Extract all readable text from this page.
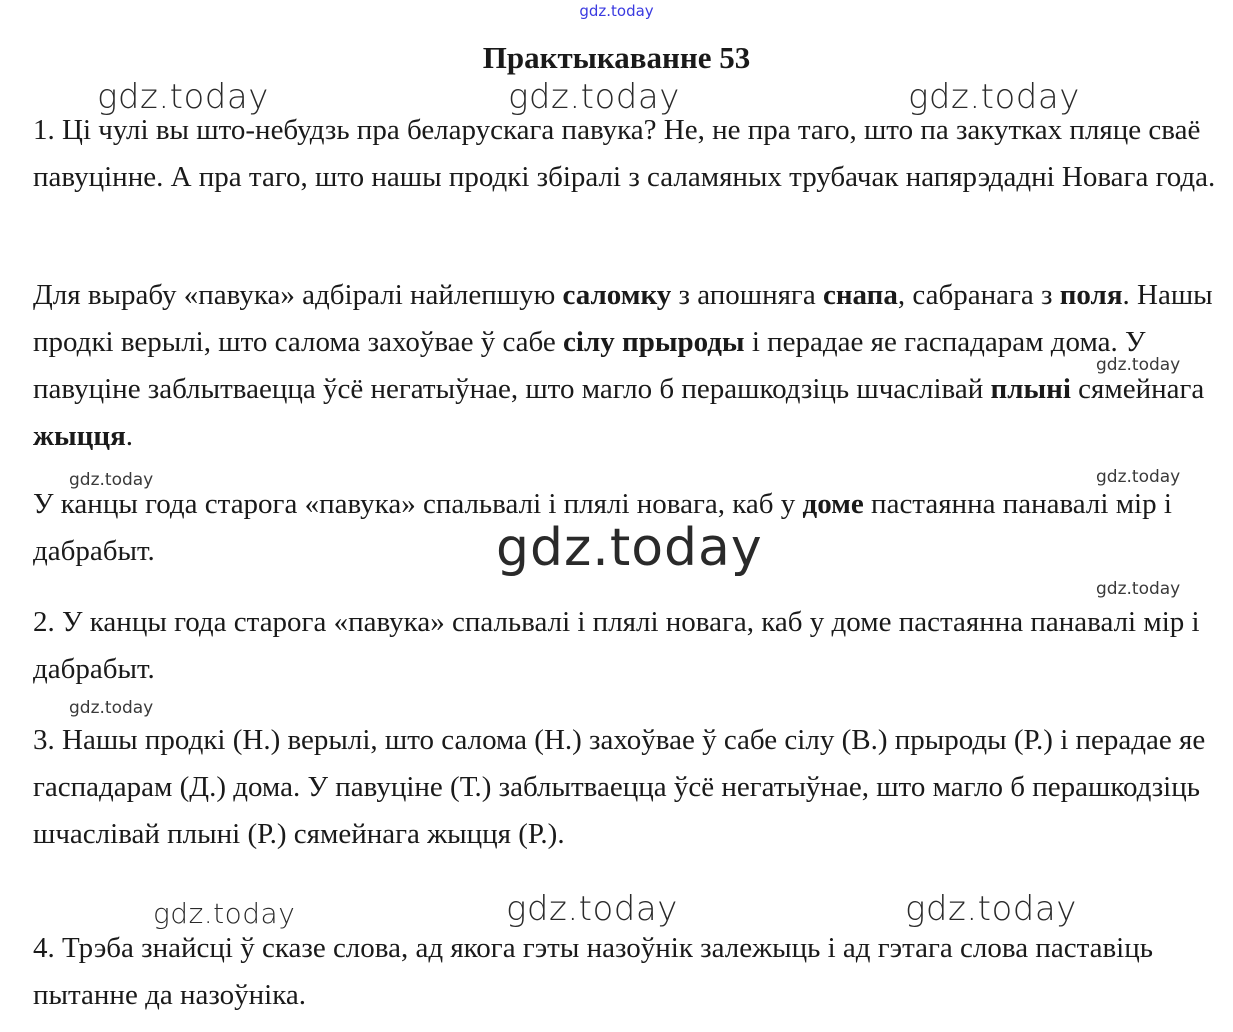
gdz.today
Практыкаванне 53

1. Ці чулі вы што-небудзь пра беларускага павука? Не, не пра таго, што па закутках пляце сваё павуцінне. А пра таго, што нашы продкі збіралі з саламяных трубачак напярэдадні Новага года.

Для вырабу «павука» адбіралі найлепшую саломку з апошняга снапа, сабранага з поля. Нашы продкі верылі, што салома захоўвае ў сабе сілу прыроды і перадае яе гаспадарам дома. У павуціне заблытваецца ўсё негатыўнае, што магло б перашкодзіць шчаслівай плыні сямейнага жыцця.

У канцы года старога «павука» спальвалі і плялі новага, каб у доме пастаянна панавалі мір і дабрабыт.

2. У канцы года старога «павука» спальвалі і плялі новага, каб у доме пастаянна панавалі мір і дабрабыт.

3. Нашы продкі (Н.) верылі, што салома (Н.) захоўвае ў сабе сілу (В.) прыроды (Р.) і перадае яе гаспадарам (Д.) дома. У павуціне (Т.) заблытваецца ўсё негатыўнае, што магло б перашкодзіць шчаслівай плыні (Р.) сямейнага жыцця (Р.).

4. Трэба знайсці ў сказе слова, ад якога гэты назоўнік залежыць і ад гэтага слова паставіць пытанне да назоўніка.

gdz.today	gdz.today	gdz.today
gdz.today
gdz.today	gdz.today
gdz.today
gdz.today
gdz.today
gdz.today	gdz.today	gdz.today
